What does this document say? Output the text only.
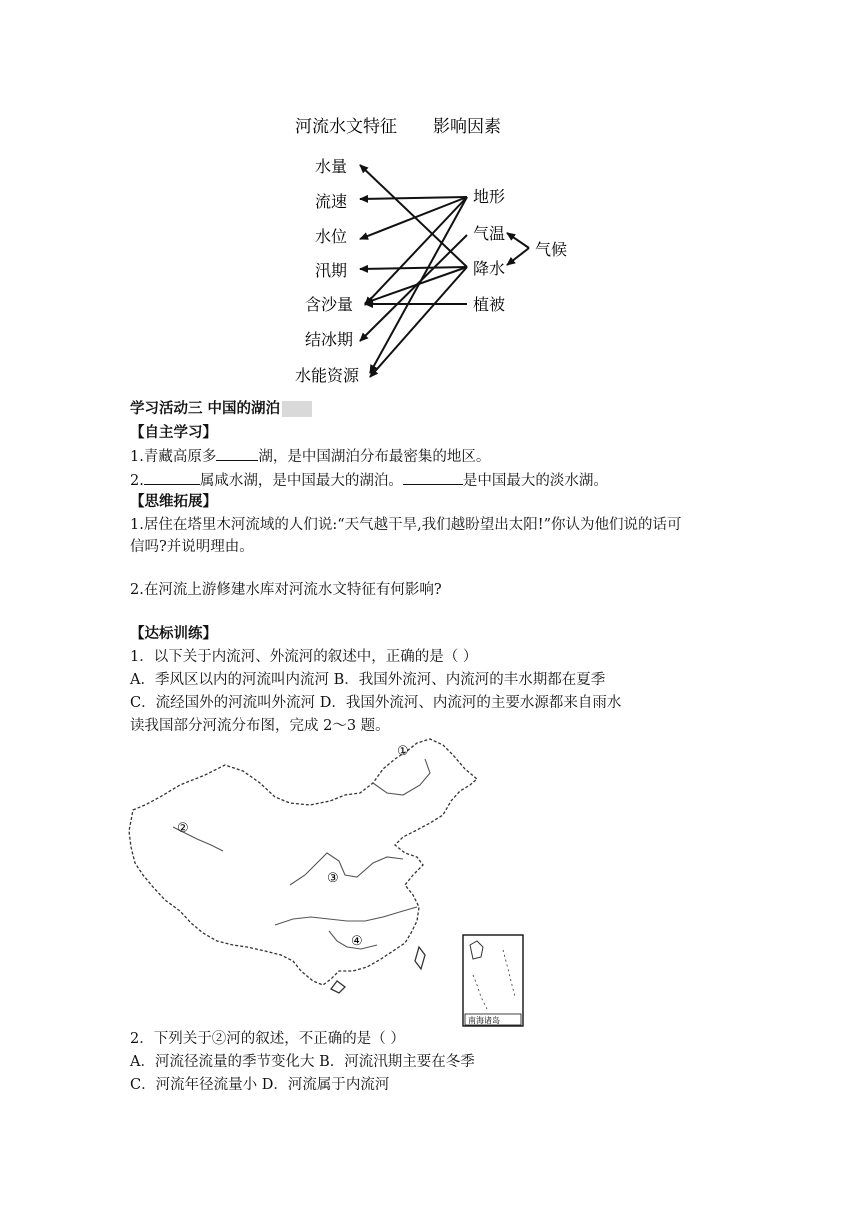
河流水文特征 影响因素
水量
流速
水位
汛期
含沙量
结冰期
水能资源
地形
气温
降水
植被
气候
学习活动三 中国的湖泊
【自主学习】
1.青藏高原多	湖，是中国湖泊分布最密集的地区。
2.	属咸水湖，是中国最大的湖泊。	是中国最大的淡水湖。
【思维拓展】
1.居住在塔里木河流域的人们说:“天气越干旱,我们越盼望出太阳!”你认为他们说的话可
信吗?并说明理由。
2.在河流上游修建水库对河流水文特征有何影响?
【达标训练】
1．以下关于内流河、外流河的叙述中，正确的是（ ）
A．季风区以内的河流叫内流河 B．我国外流河、内流河的丰水期都在夏季
C．流经国外的河流叫外流河 D．我国外流河、内流河的主要水源都来自雨水
读我国部分河流分布图，完成 2～3 题。
①
②
③
④
南海诸岛
2．下列关于②河的叙述，不正确的是（ ）
A．河流径流量的季节变化大 B．河流汛期主要在冬季
C．河流年径流量小 D．河流属于内流河
